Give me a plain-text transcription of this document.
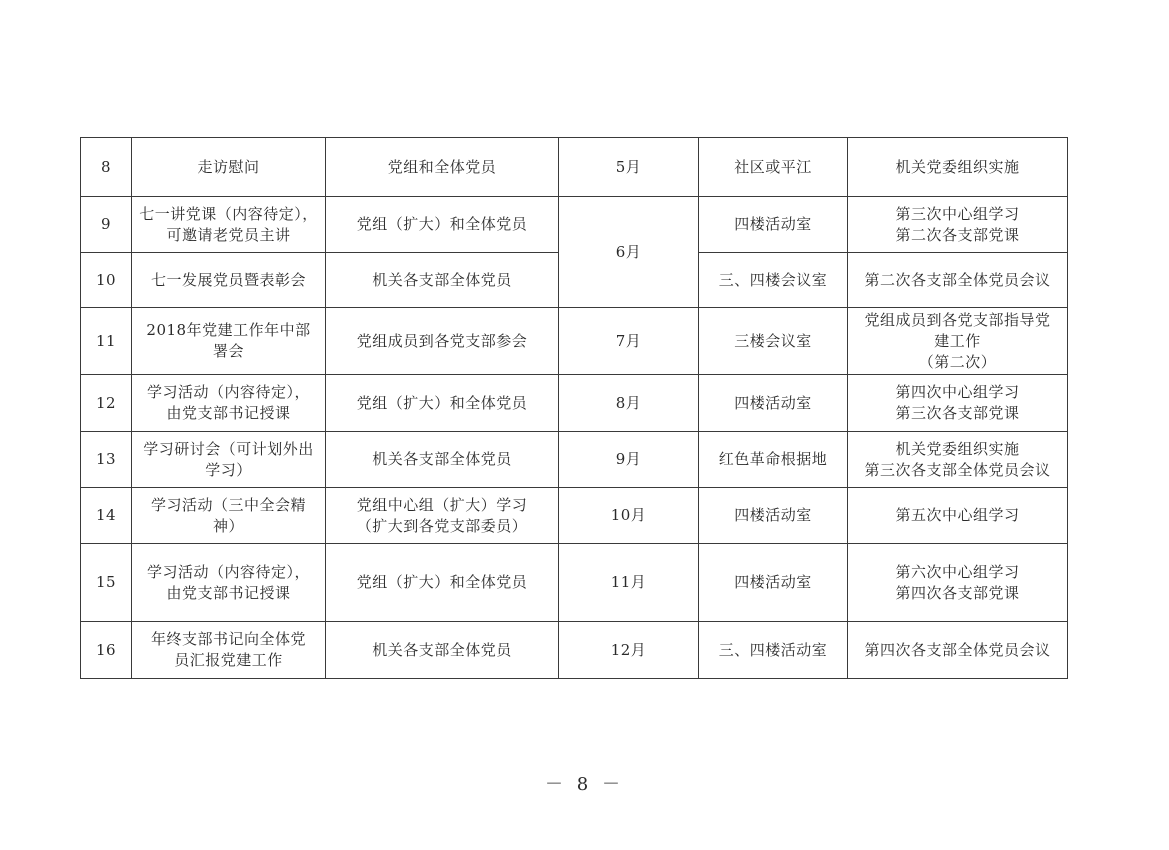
8	走访慰问	党组和全体党员	5月	社区或平江	机关党委组织实施
9	七一讲党课（内容待定），
可邀请老党员主讲	党组（扩大）和全体党员	6月	四楼活动室	第三次中心组学习
第二次各支部党课
10	七一发展党员暨表彰会	机关各支部全体党员		三、四楼会议室	第二次各支部全体党员会议
11	2018年党建工作年中部
署会	党组成员到各党支部参会	7月	三楼会议室	党组成员到各党支部指导党
建工作
（第二次）
12	学习活动（内容待定），
由党支部书记授课	党组（扩大）和全体党员	8月	四楼活动室	第四次中心组学习
第三次各支部党课
13	学习研讨会（可计划外出
学习）	机关各支部全体党员	9月	红色革命根据地	机关党委组织实施
第三次各支部全体党员会议
14	学习活动（三中全会精
神）	党组中心组（扩大）学习
（扩大到各党支部委员）	10月	四楼活动室	第五次中心组学习
15	学习活动（内容待定），
由党支部书记授课	党组（扩大）和全体党员	11月	四楼活动室	第六次中心组学习
第四次各支部党课
16	年终支部书记向全体党
员汇报党建工作	机关各支部全体党员	12月	三、四楼活动室	第四次各支部全体党员会议
－ 8 －
